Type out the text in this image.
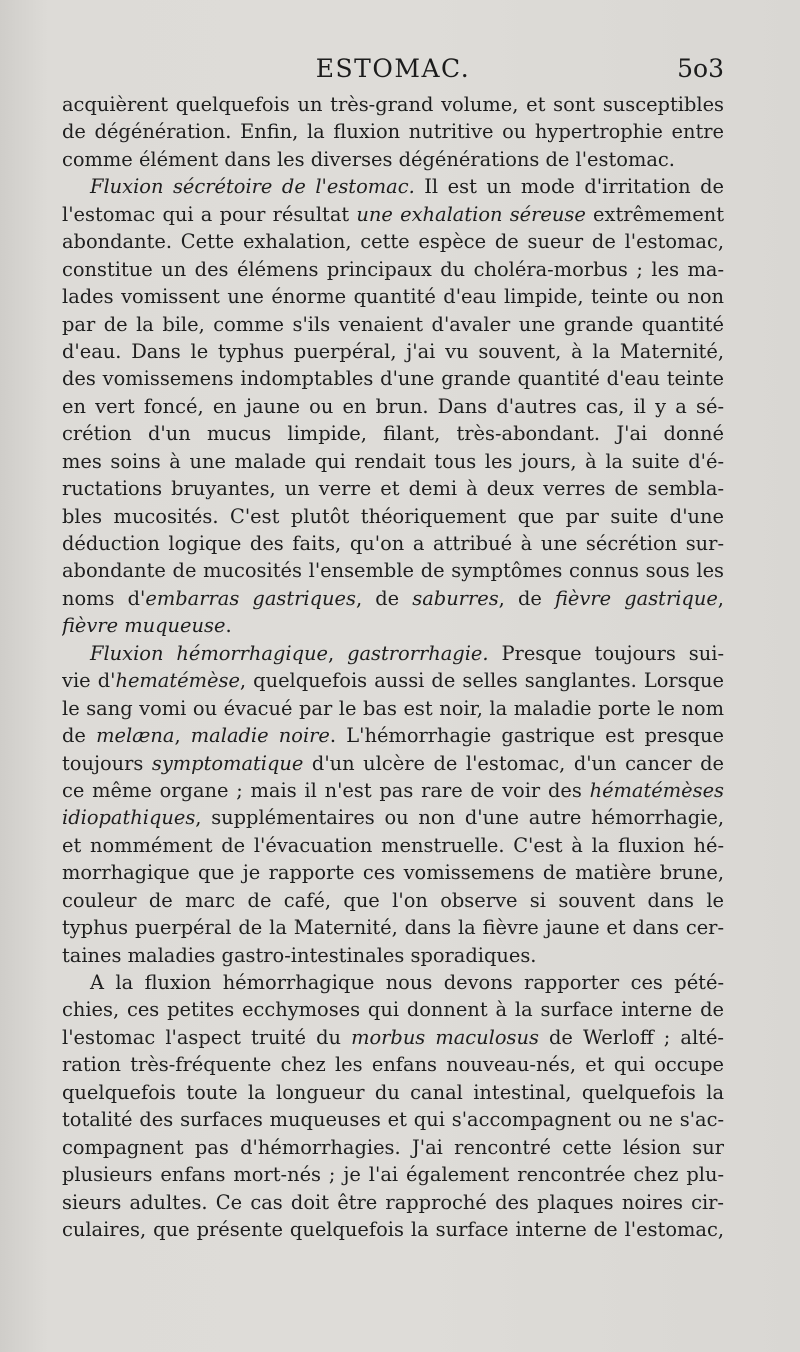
ESTOMAC.	5o3
acquièrent quelquefois un très-grand volume, et sont susceptibles
de dégénération. Enfin, la fluxion nutritive ou hypertrophie entre
comme élément dans les diverses dégénérations de l'estomac.
Fluxion sécrétoire de l'estomac. Il est un mode d'irritation de
l'estomac qui a pour résultat une exhalation séreuse extrêmement
abondante. Cette exhalation, cette espèce de sueur de l'estomac,
constitue un des élémens principaux du choléra-morbus ; les ma-
lades vomissent une énorme quantité d'eau limpide, teinte ou non
par de la bile, comme s'ils venaient d'avaler une grande quantité
d'eau. Dans le typhus puerpéral, j'ai vu souvent, à la Maternité,
des vomissemens indomptables d'une grande quantité d'eau teinte
en vert foncé, en jaune ou en brun. Dans d'autres cas, il y a sé-
crétion d'un mucus limpide, filant, très-abondant. J'ai donné
mes soins à une malade qui rendait tous les jours, à la suite d'é-
ructations bruyantes, un verre et demi à deux verres de sembla-
bles mucosités. C'est plutôt théoriquement que par suite d'une
déduction logique des faits, qu'on a attribué à une sécrétion sur-
abondante de mucosités l'ensemble de symptômes connus sous les
noms d'embarras gastriques, de saburres, de fièvre gastrique,
fièvre muqueuse.
Fluxion hémorrhagique, gastrorrhagie. Presque toujours sui-
vie d'hematémèse, quelquefois aussi de selles sanglantes. Lorsque
le sang vomi ou évacué par le bas est noir, la maladie porte le nom
de melæna, maladie noire. L'hémorrhagie gastrique est presque
toujours symptomatique d'un ulcère de l'estomac, d'un cancer de
ce même organe ; mais il n'est pas rare de voir des hématémèses
idiopathiques, supplémentaires ou non d'une autre hémorrhagie,
et nommément de l'évacuation menstruelle. C'est à la fluxion hé-
morrhagique que je rapporte ces vomissemens de matière brune,
couleur de marc de café, que l'on observe si souvent dans le
typhus puerpéral de la Maternité, dans la fièvre jaune et dans cer-
taines maladies gastro-intestinales sporadiques.
A la fluxion hémorrhagique nous devons rapporter ces pété-
chies, ces petites ecchymoses qui donnent à la surface interne de
l'estomac l'aspect truité du morbus maculosus de Werloff ; alté-
ration très-fréquente chez les enfans nouveau-nés, et qui occupe
quelquefois toute la longueur du canal intestinal, quelquefois la
totalité des surfaces muqueuses et qui s'accompagnent ou ne s'ac-
compagnent pas d'hémorrhagies. J'ai rencontré cette lésion sur
plusieurs enfans mort-nés ; je l'ai également rencontrée chez plu-
sieurs adultes. Ce cas doit être rapproché des plaques noires cir-
culaires, que présente quelquefois la surface interne de l'estomac,
